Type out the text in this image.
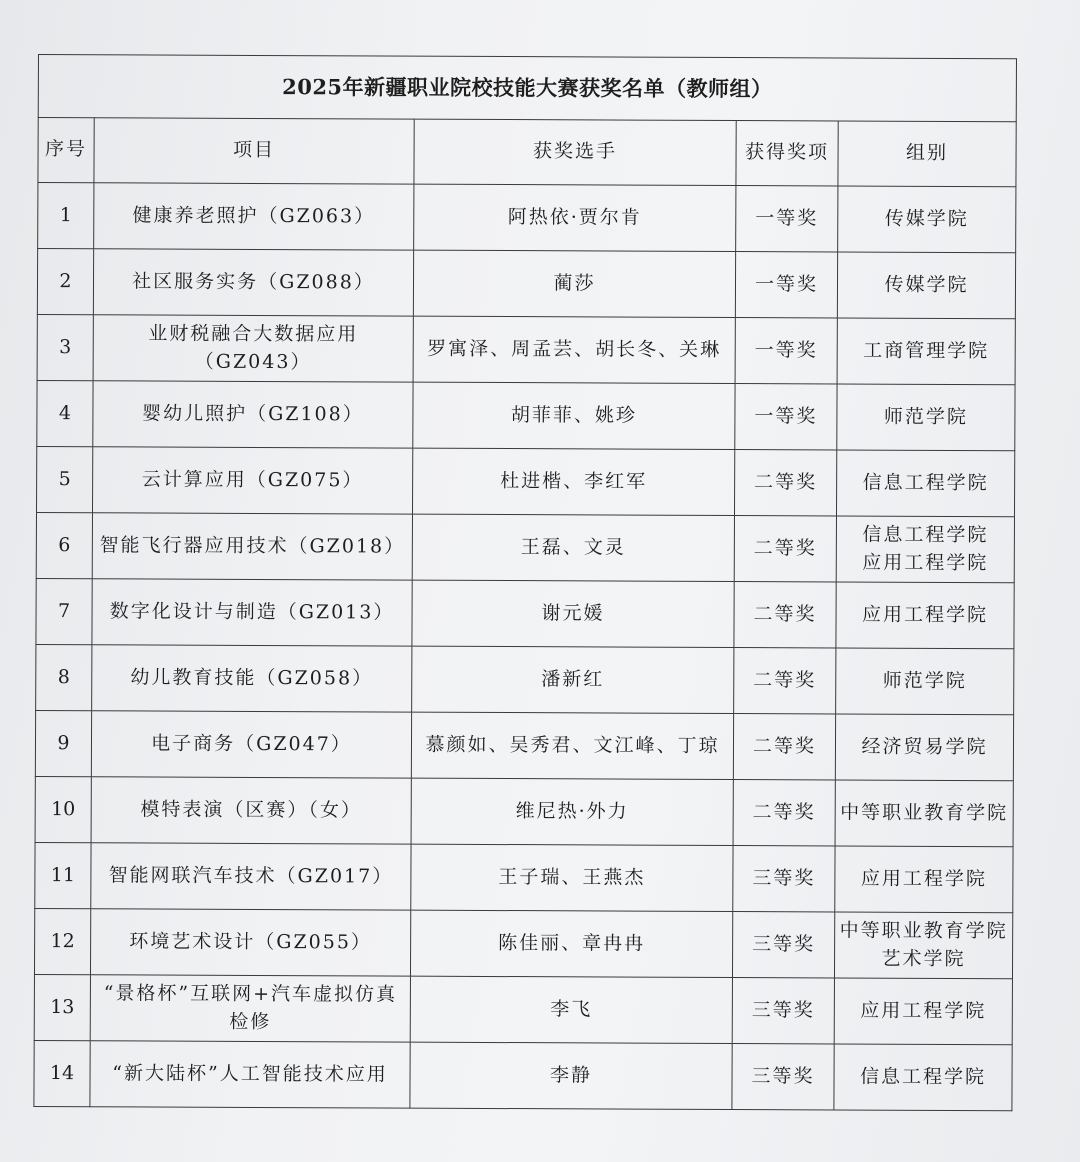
2025年新疆职业院校技能大赛获奖名单（教师组）				
序号	项目	获奖选手	获得奖项	组别
1	健康养老照护（GZ063）	阿热依·贾尔肯	一等奖	传媒学院
2	社区服务实务（GZ088）	蔺莎	一等奖	传媒学院
3	业财税融合大数据应用（GZ043）	罗寓泽、周孟芸、胡长冬、关琳	一等奖	工商管理学院
4	婴幼儿照护（GZ108）	胡菲菲、姚珍	一等奖	师范学院
5	云计算应用（GZ075）	杜进楷、李红军	二等奖	信息工程学院
6	智能飞行器应用技术（GZ018）	王磊、文灵	二等奖	信息工程学院
应用工程学院
7	数字化设计与制造（GZ013）	谢元媛	二等奖	应用工程学院
8	幼儿教育技能（GZ058）	潘新红	二等奖	师范学院
9	电子商务（GZ047）	慕颜如、吴秀君、文江峰、丁琼	二等奖	经济贸易学院
10	模特表演（区赛）（女）	维尼热·外力	二等奖	中等职业教育学院
11	智能网联汽车技术（GZ017）	王子瑞、王燕杰	三等奖	应用工程学院
12	环境艺术设计（GZ055）	陈佳丽、章冉冉	三等奖	中等职业教育学院
艺术学院
13	“景格杯”互联网+汽车虚拟仿真检修	李飞	三等奖	应用工程学院
14	“新大陆杯”人工智能技术应用	李静	三等奖	信息工程学院
